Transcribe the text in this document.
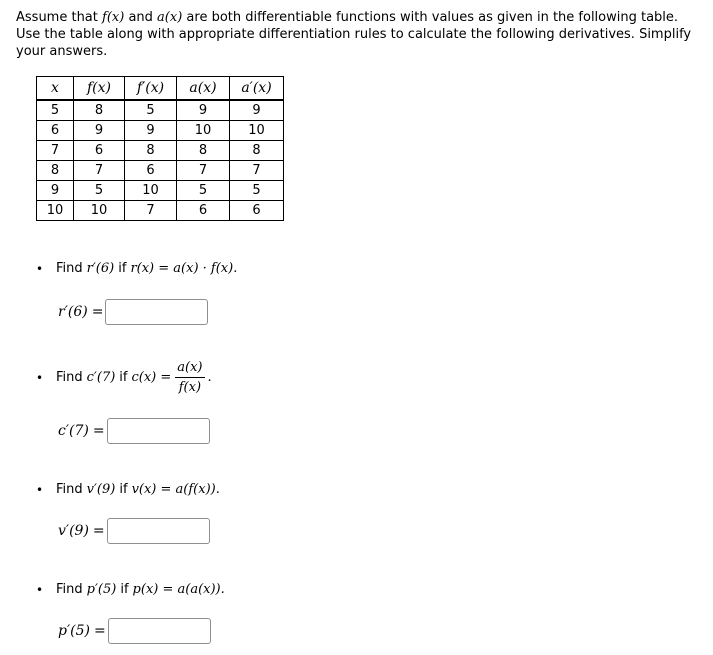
Assume that f(x) and a(x) are both differentiable functions with values as given in the following table. Use the table along with appropriate differentiation rules to calculate the following derivatives. Simplify your answers.
x	f(x)	f′(x)	a(x)	a′(x)
5	8	5	9	9
6	9	9	10	10
7	6	8	8	8
8	7	6	7	7
9	5	10	5	5
10	10	7	6	6
• Find r′(6) if r(x) = a(x) · f(x).
r′(6) =
• Find c′(7) if $c(x) = \frac{a(x)}{f(x)}$ .
c′(7) =
• Find v′(9) if v(x) = a(f(x)).
v′(9) =
• Find p′(5) if p(x) = a(a(x)).
p′(5) =
